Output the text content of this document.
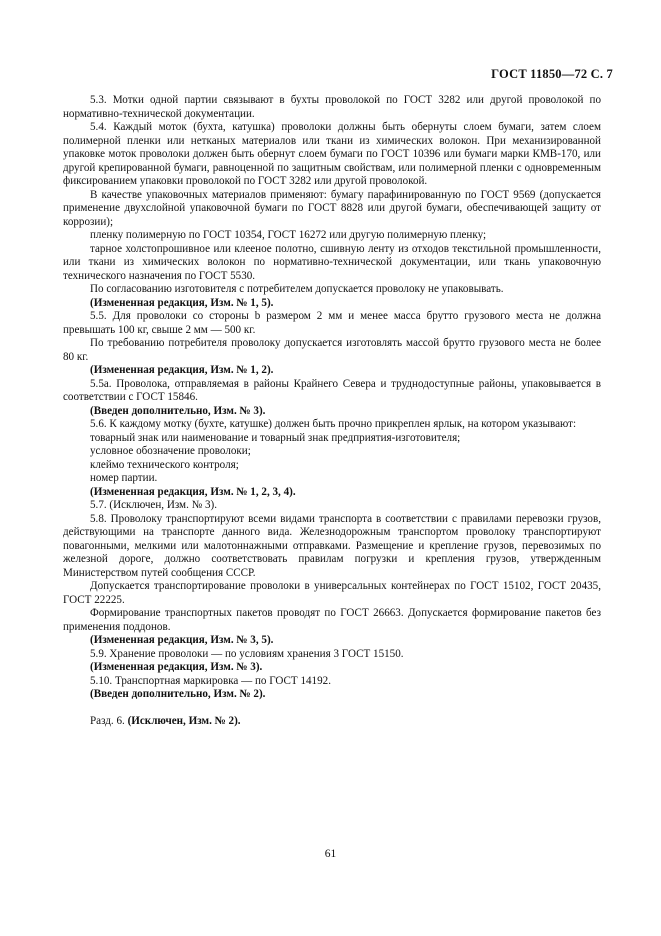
ГОСТ 11850—72 С. 7

5.3. Мотки одной партии связывают в бухты проволокой по ГОСТ 3282 или другой проволокой по нормативно-технической документации.

5.4. Каждый моток (бухта, катушка) проволоки должны быть обернуты слоем бумаги, затем слоем полимерной пленки или нетканых материалов или ткани из химических волокон. При механизированной упаковке моток проволоки должен быть обернут слоем бумаги по ГОСТ 10396 или бумаги марки КМВ-170, или другой крепированной бумаги, равноценной по защитным свойствам, или полимерной пленки с одновременным фиксированием упаковки проволокой по ГОСТ 3282 или другой проволокой.

В качестве упаковочных материалов применяют: бумагу парафинированную по ГОСТ 9569 (допускается применение двухслойной упаковочной бумаги по ГОСТ 8828 или другой бумаги, обеспечивающей защиту от коррозии);

пленку полимерную по ГОСТ 10354, ГОСТ 16272 или другую полимерную пленку;

тарное холстопрошивное или клееное полотно, сшивную ленту из отходов текстильной промышленности, или ткани из химических волокон по нормативно-технической документации, или ткань упаковочную технического назначения по ГОСТ 5530.

По согласованию изготовителя с потребителем допускается проволоку не упаковывать.

(Измененная редакция, Изм. № 1, 5).

5.5. Для проволоки со стороны b размером 2 мм и менее масса брутто грузового места не должна превышать 100 кг, свыше 2 мм — 500 кг.

По требованию потребителя проволоку допускается изготовлять массой брутто грузового места не более 80 кг.

(Измененная редакция, Изм. № 1, 2).

5.5а. Проволока, отправляемая в районы Крайнего Севера и труднодоступные районы, упаковывается в соответствии с ГОСТ 15846.

(Введен дополнительно, Изм. № 3).

5.6. К каждому мотку (бухте, катушке) должен быть прочно прикреплен ярлык, на котором указывают:

товарный знак или наименование и товарный знак предприятия-изготовителя;

условное обозначение проволоки;

клеймо технического контроля;

номер партии.

(Измененная редакция, Изм. № 1, 2, 3, 4).

5.7. (Исключен, Изм. № 3).

5.8. Проволоку транспортируют всеми видами транспорта в соответствии с правилами перевозки грузов, действующими на транспорте данного вида. Железнодорожным транспортом проволоку транспортируют повагонными, мелкими или малотоннажными отправками. Размещение и крепление грузов, перевозимых по железной дороге, должно соответствовать правилам погрузки и крепления грузов, утвержденным Министерством путей сообщения СССР.

Допускается транспортирование проволоки в универсальных контейнерах по ГОСТ 15102, ГОСТ 20435, ГОСТ 22225.

Формирование транспортных пакетов проводят по ГОСТ 26663. Допускается формирование пакетов без применения поддонов.

(Измененная редакция, Изм. № 3, 5).

5.9. Хранение проволоки — по условиям хранения 3 ГОСТ 15150.

(Измененная редакция, Изм. № 3).

5.10. Транспортная маркировка — по ГОСТ 14192.

(Введен дополнительно, Изм. № 2).

Разд. 6. (Исключен, Изм. № 2).

61
